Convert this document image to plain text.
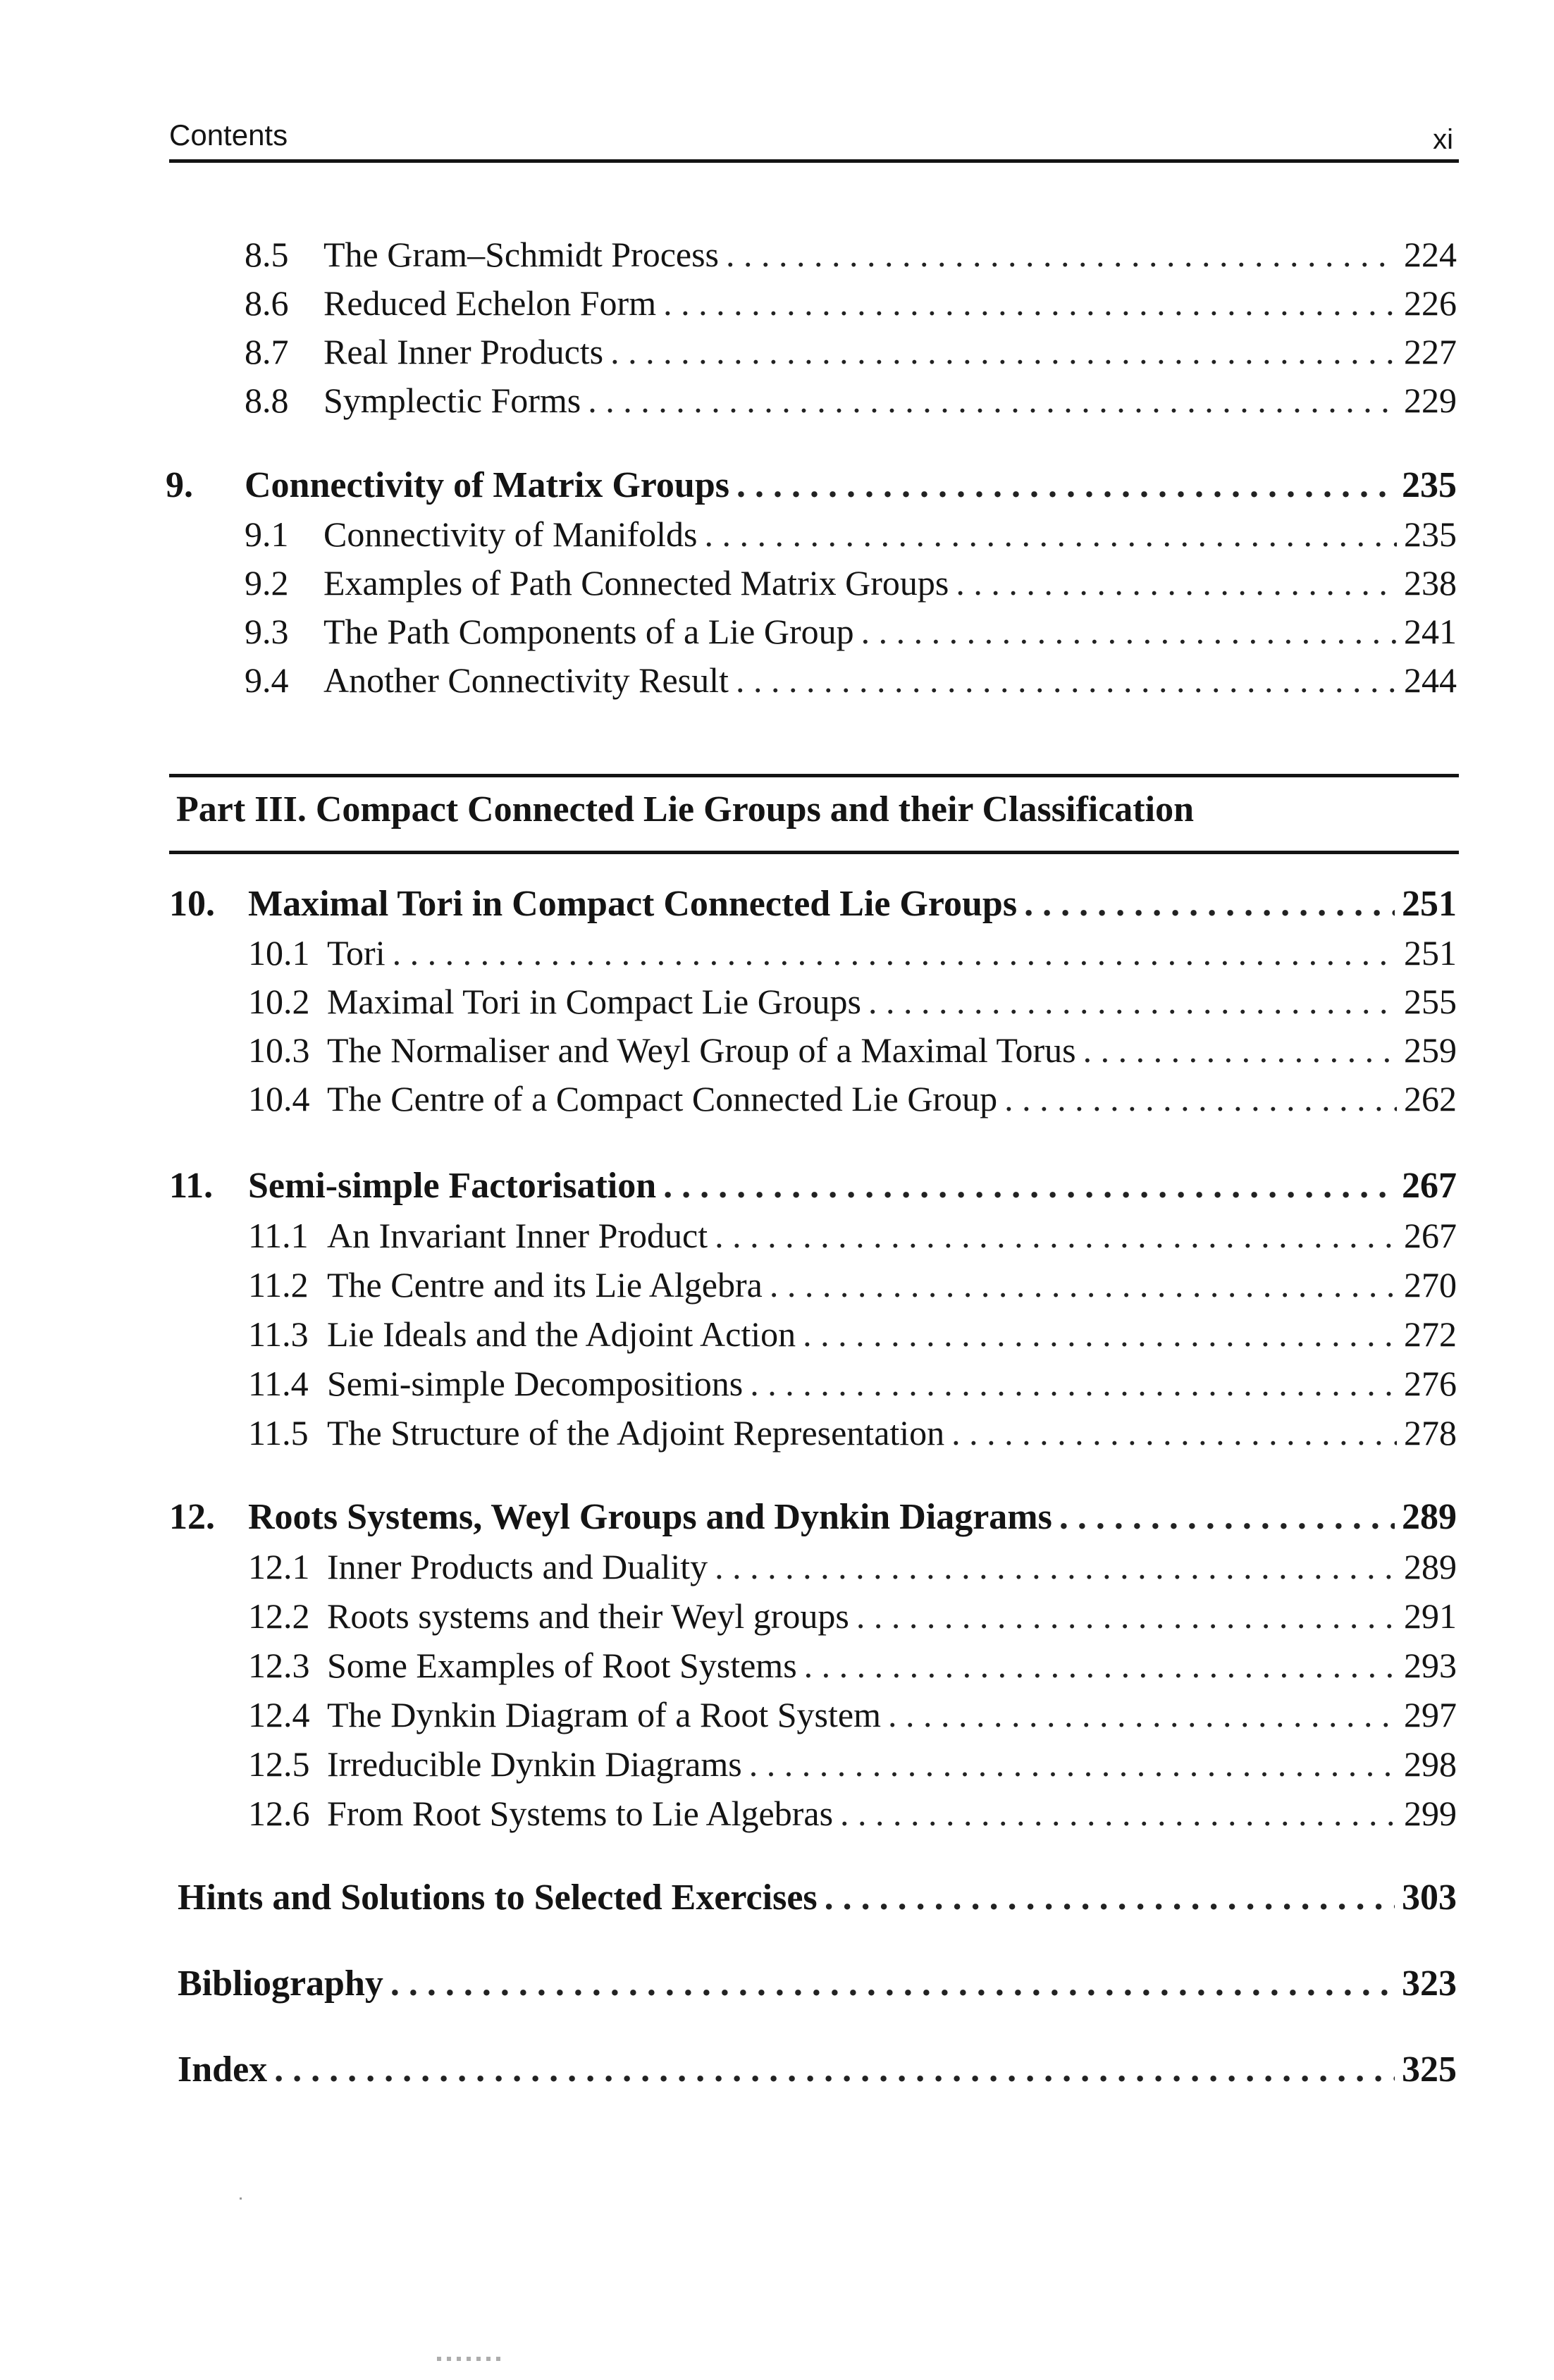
Contents	xi
8.5 The Gram–Schmidt Process . . .	224
8.6 Reduced Echelon Form . . .	226
8.7 Real Inner Products . . .	227
8.8 Symplectic Forms . . .	229
9.	Connectivity of Matrix Groups . . .	235
9.1 Connectivity of Manifolds . . .	235
9.2 Examples of Path Connected Matrix Groups . . .	238
9.3 The Path Components of a Lie Group . . .	241
9.4 Another Connectivity Result . . .	244
Part III. Compact Connected Lie Groups and their Classification
10. Maximal Tori in Compact Connected Lie Groups . . .	251
10.1 Tori . . .	251
10.2 Maximal Tori in Compact Lie Groups . . .	255
10.3 The Normaliser and Weyl Group of a Maximal Torus . . .	259
10.4 The Centre of a Compact Connected Lie Group . . .	262
11. Semi-simple Factorisation . . .	267
11.1 An Invariant Inner Product . . .	267
11.2 The Centre and its Lie Algebra . . .	270
11.3 Lie Ideals and the Adjoint Action . . .	272
11.4 Semi-simple Decompositions . . .	276
11.5 The Structure of the Adjoint Representation . . .	278
12. Roots Systems, Weyl Groups and Dynkin Diagrams . . .	289
12.1 Inner Products and Duality . . .	289
12.2 Roots systems and their Weyl groups . . .	291
12.3 Some Examples of Root Systems . . .	293
12.4 The Dynkin Diagram of a Root System . . .	297
12.5 Irreducible Dynkin Diagrams . . .	298
12.6 From Root Systems to Lie Algebras . . .	299
Hints and Solutions to Selected Exercises . . .	303
Bibliography . . .	323
Index . . .	325
